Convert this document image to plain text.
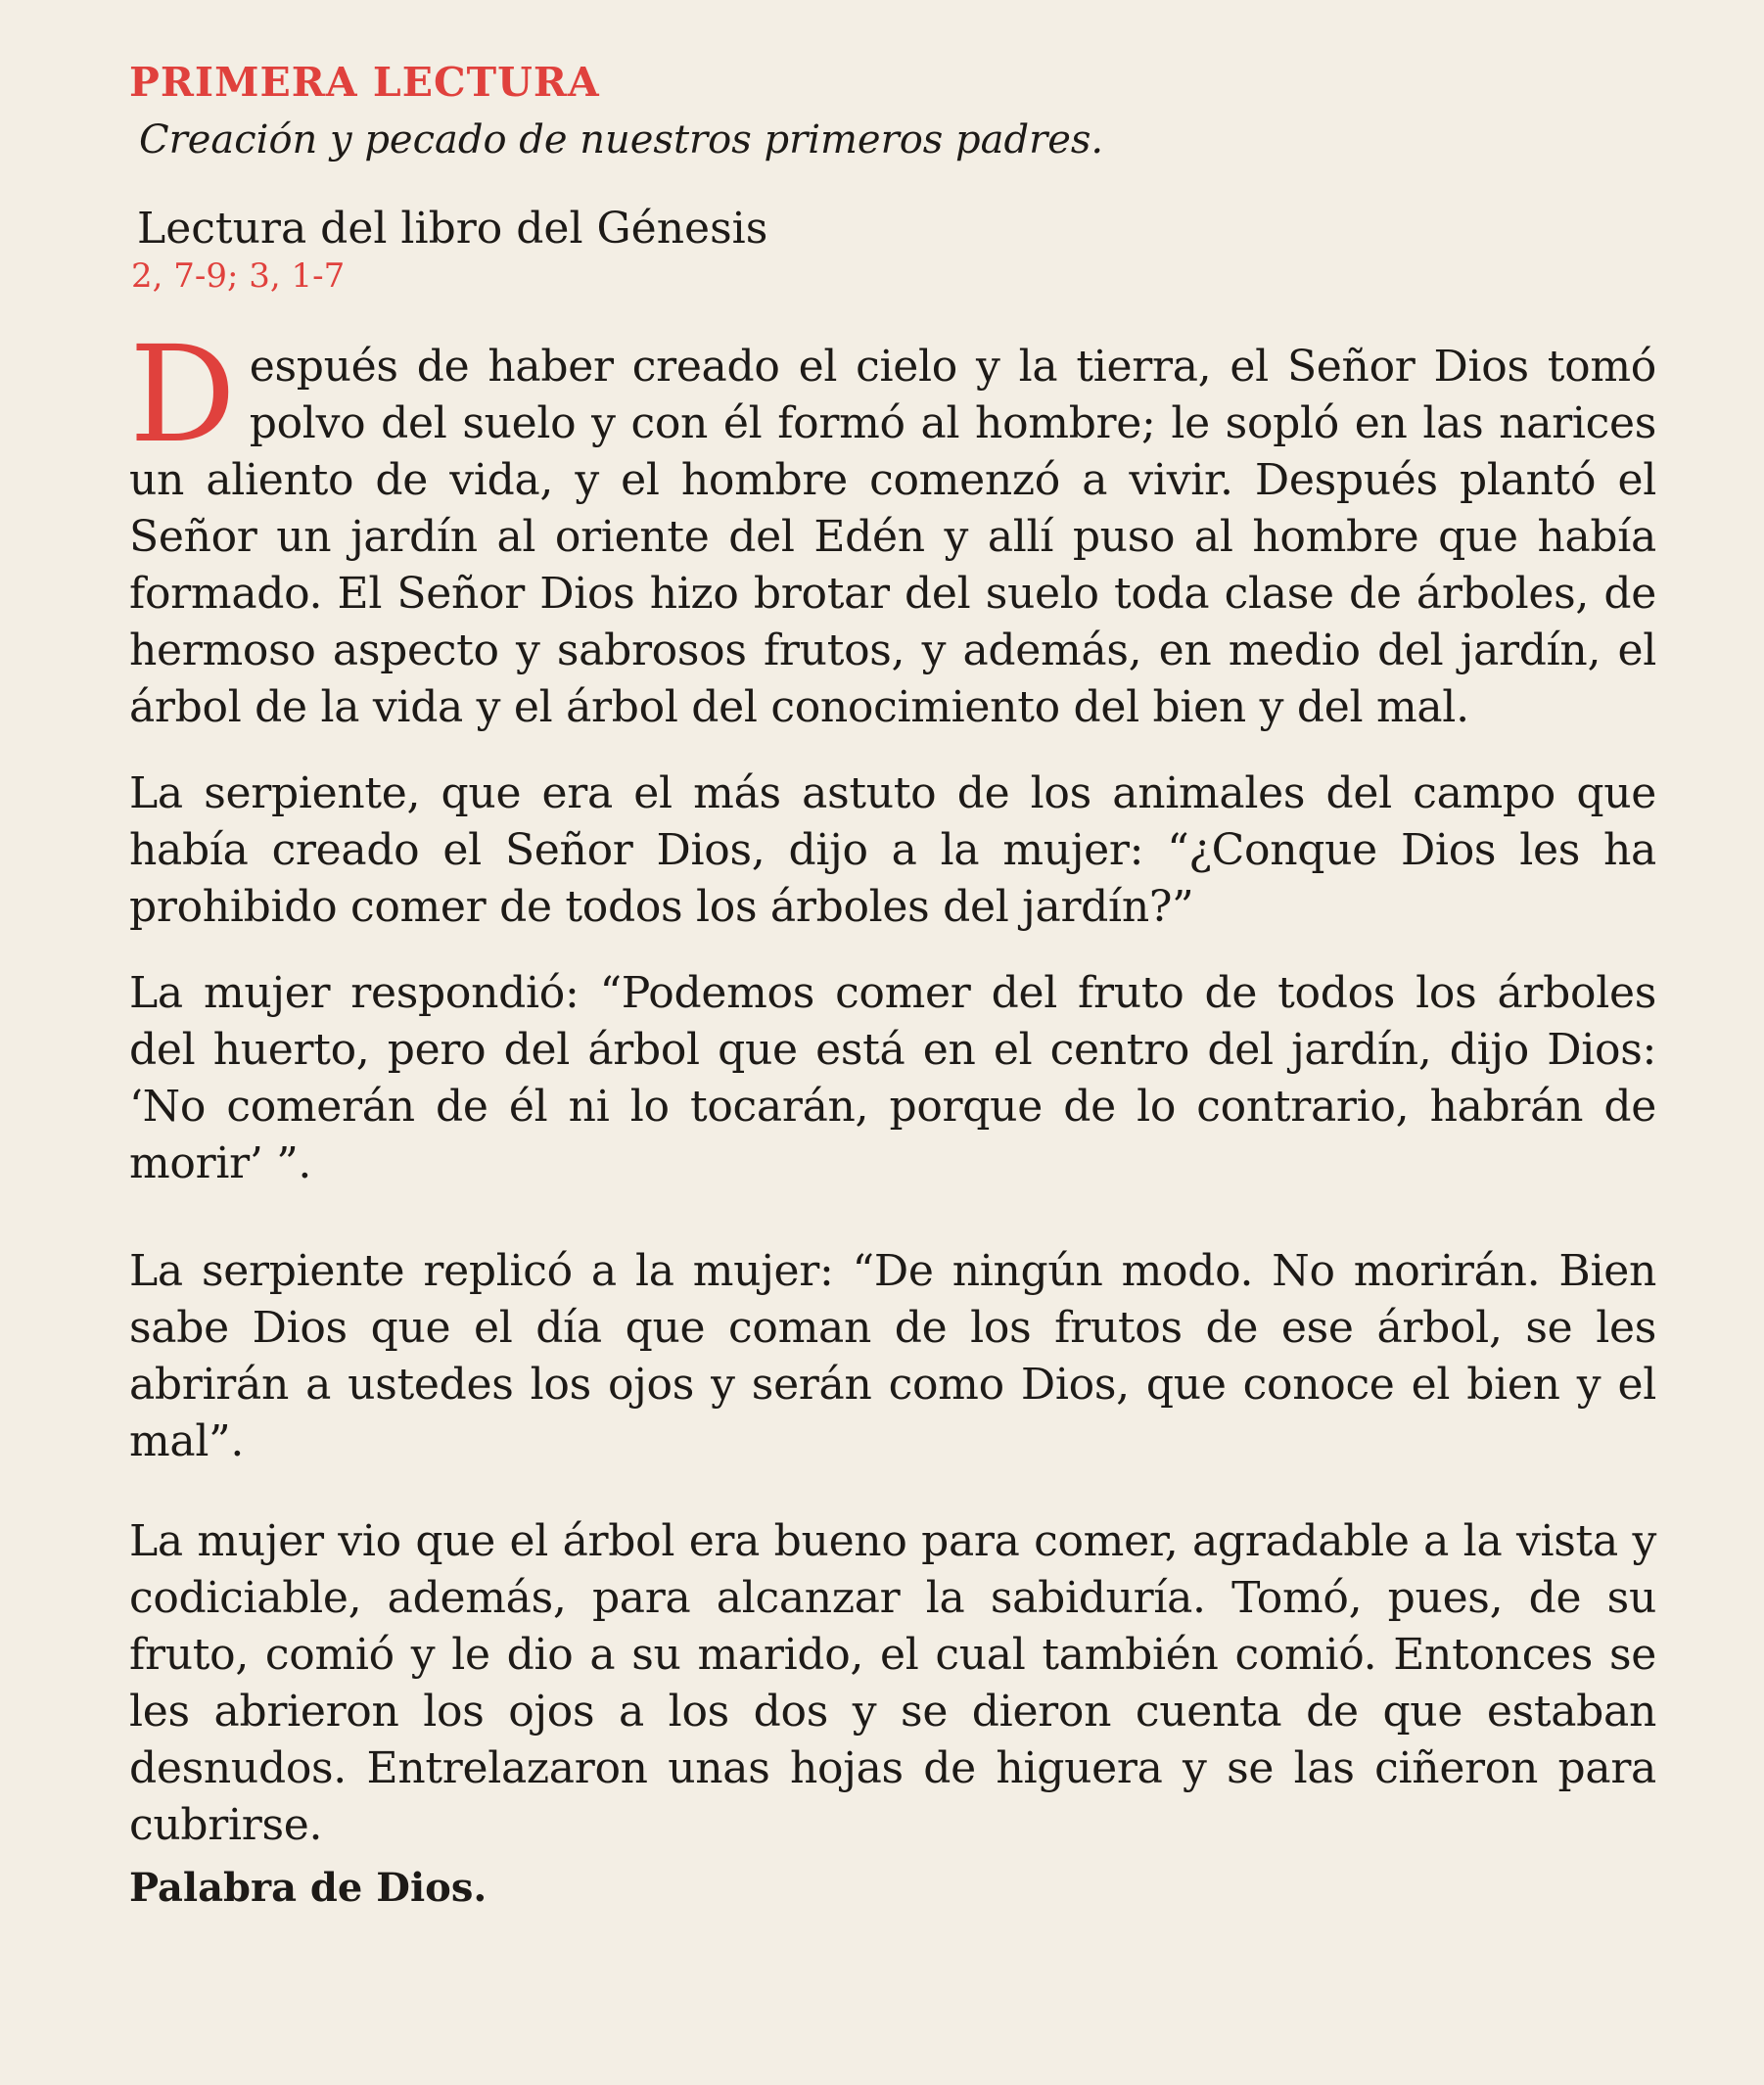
PRIMERA LECTURA

Creación y pecado de nuestros primeros padres.

Lectura del libro del Génesis

2, 7-9; 3, 1-7

Después de haber creado el cielo y la tierra, el Señor Dios tomó polvo del suelo y con él formó al hombre; le sopló en las narices un aliento de vida, y el hombre comenzó a vivir. Después plantó el Señor un jardín al oriente del Edén y allí puso al hombre que había formado. El Señor Dios hizo brotar del suelo toda clase de árboles, de hermoso aspecto y sabrosos frutos, y además, en medio del jardín, el árbol de la vida y el árbol del conocimiento del bien y del mal.

La serpiente, que era el más astuto de los animales del campo que había creado el Señor Dios, dijo a la mujer: “¿Conque Dios les ha prohibido comer de todos los árboles del jardín?”

La mujer respondió: “Podemos comer del fruto de todos los árboles del huerto, pero del árbol que está en el centro del jardín, dijo Dios: ‘No comerán de él ni lo tocarán, porque de lo contrario, habrán de morir’ ”.

La serpiente replicó a la mujer: “De ningún modo. No morirán. Bien sabe Dios que el día que coman de los frutos de ese árbol, se les abrirán a ustedes los ojos y serán como Dios, que conoce el bien y el mal”.

La mujer vio que el árbol era bueno para comer, agradable a la vista y codiciable, además, para alcanzar la sabiduría. Tomó, pues, de su fruto, comió y le dio a su marido, el cual también comió. Entonces se les abrieron los ojos a los dos y se dieron cuenta de que estaban desnudos. Entrelazaron unas hojas de higuera y se las ciñeron para cubrirse.

Palabra de Dios.
